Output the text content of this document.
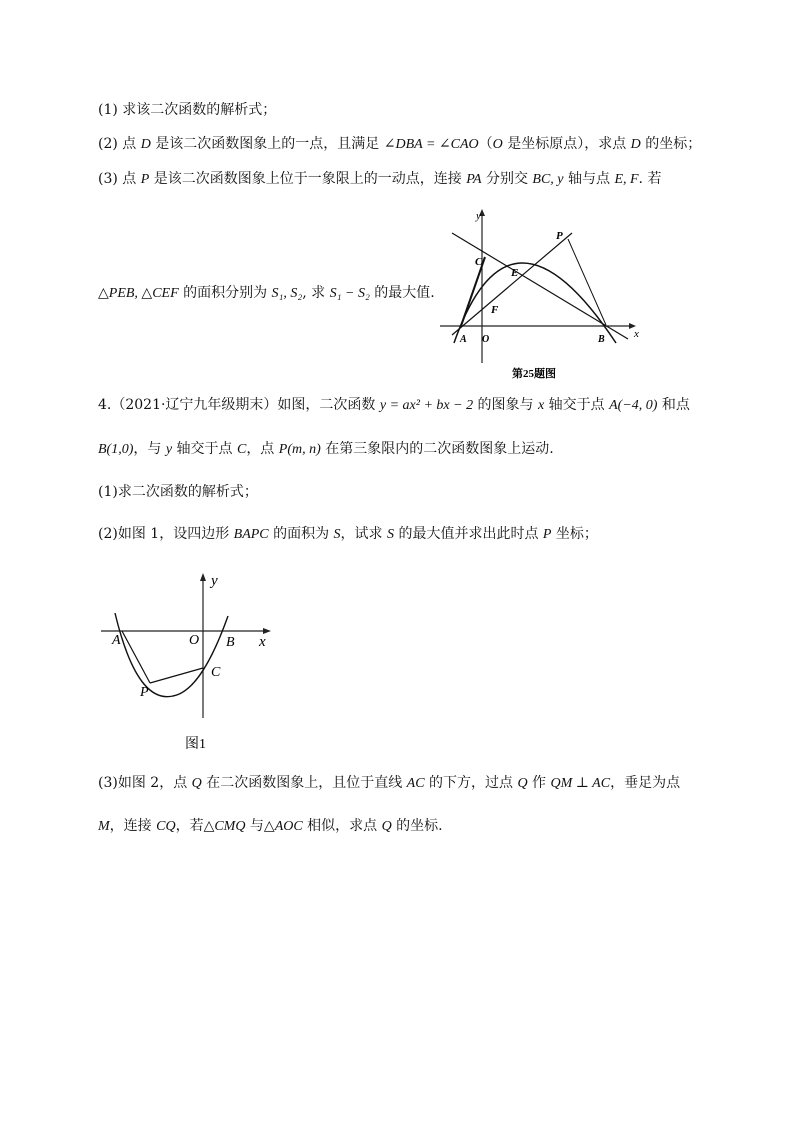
(1) 求该二次函数的解析式；
(2) 点 D 是该二次函数图象上的一点，且满足 ∠DBA = ∠CAO（O 是坐标原点），求点 D 的坐标；
(3) 点 P 是该二次函数图象上位于一象限上的一动点，连接 PA 分别交 BC, y 轴与点 E, F. 若
△PEB, △CEF 的面积分别为 S₁, S₂, 求 S₁ − S₂ 的最大值.
y
x
P
C
E
F
A O	B
第25题图
4.（2021·辽宁九年级期末）如图，二次函数 y = ax² + bx − 2 的图象与 x 轴交于点 A(−4, 0) 和点
B(1,0)，与 y 轴交于点 C，点 P(m, n) 在第三象限内的二次函数图象上运动.
(1)求二次函数的解析式；
(2)如图 1，设四边形 BAPC 的面积为 S，试求 S 的最大值并求出此时点 P 坐标；
y
x
A	O B
C
P
图1
(3)如图 2，点 Q 在二次函数图象上，且位于直线 AC 的下方，过点 Q 作 QM ⊥ AC，垂足为点
M，连接 CQ，若△CMQ 与△AOC 相似，求点 Q 的坐标.
